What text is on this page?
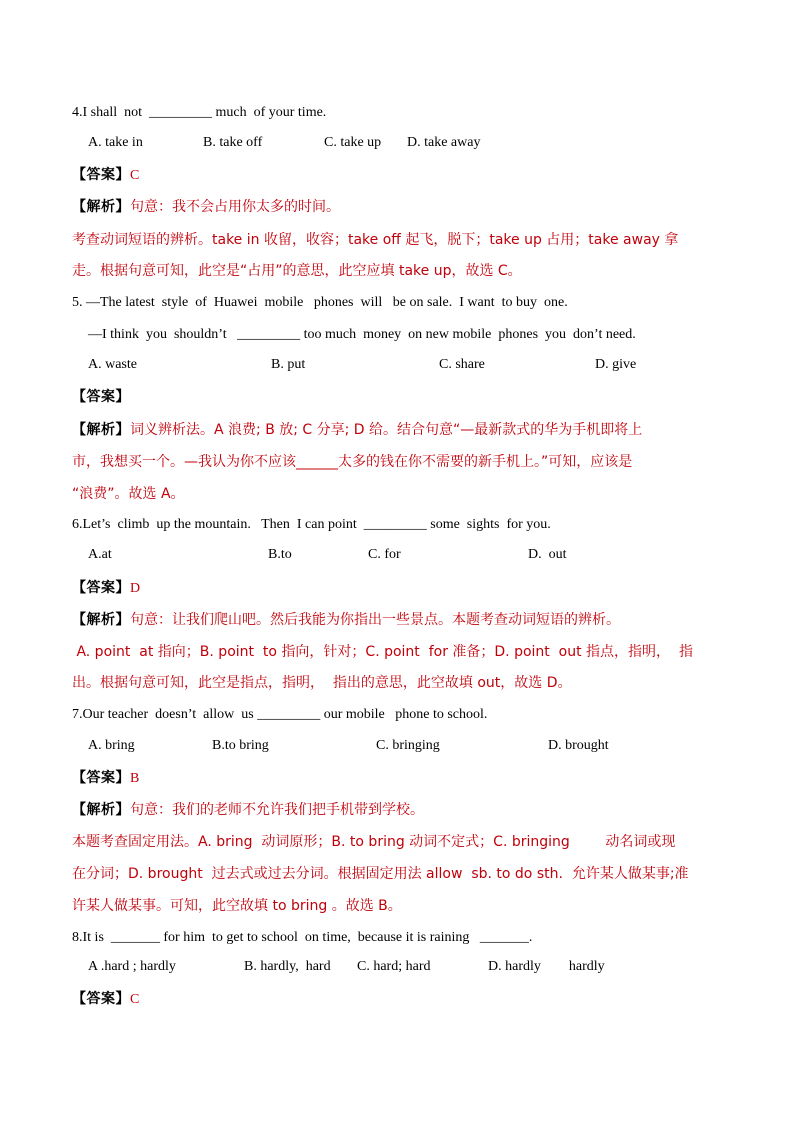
4.I shall  not  _________ much  of your time.
A. take in	B. take off	C. take up D. take away
【答案】C
【解析】句意：我不会占用你太多的时间。
考查动词短语的辨析。take in 收留，收容；take off 起飞，脱下；take up 占用；take away 拿
走。根据句意可知，此空是“占用”的意思，此空应填 take up，故选 C。
5. —The latest  style  of  Huawei  mobile   phones  will   be on sale.  I want  to buy  one.
—I think  you  shouldn’t   _________ too much  money  on new mobile  phones  you  don’t need.
A. waste	B. put	C. share	D. give
【答案】
【解析】词义辨析法。A 浪费; B 放; C 分享; D 给。结合句意“—最新款式的华为手机即将上
市，我想买一个。—我认为你不应该______太多的钱在你不需要的新手机上。”可知，应该是
“浪费”。故选 A。
6.Let’s  climb  up the mountain.   Then  I can point  _________ some  sights  for you.
A.at	B.to	C. for	D.  out
【答案】D
【解析】句意：让我们爬山吧。然后我能为你指出一些景点。本题考查动词短语的辨析。
A. point  at 指向；B. point  to 指向，针对；C. point  for 准备；D. point  out 指点，指明，  指
出。根据句意可知，此空是指点，指明，  指出的意思，此空故填 out，故选 D。
7.Our teacher  doesn’t  allow  us _________ our mobile   phone to school.
A. bring	B.to bring	C. bringing	D. brought
【答案】B
【解析】句意：我们的老师不允许我们把手机带到学校。
本题考查固定用法。A. bring  动词原形；B. to bring 动词不定式；C. bringing        动名词或现
在分词；D. brought  过去式或过去分词。根据固定用法 allow  sb. to do sth.  允许某人做某事;准
许某人做某事。可知，此空故填 to bring 。故选 B。
8.It is  _______ for him  to get to school  on time,  because it is raining   _______.
A .hard ; hardly	B. hardly,  hard C. hard; hard	D. hardly        hardly
【答案】C
